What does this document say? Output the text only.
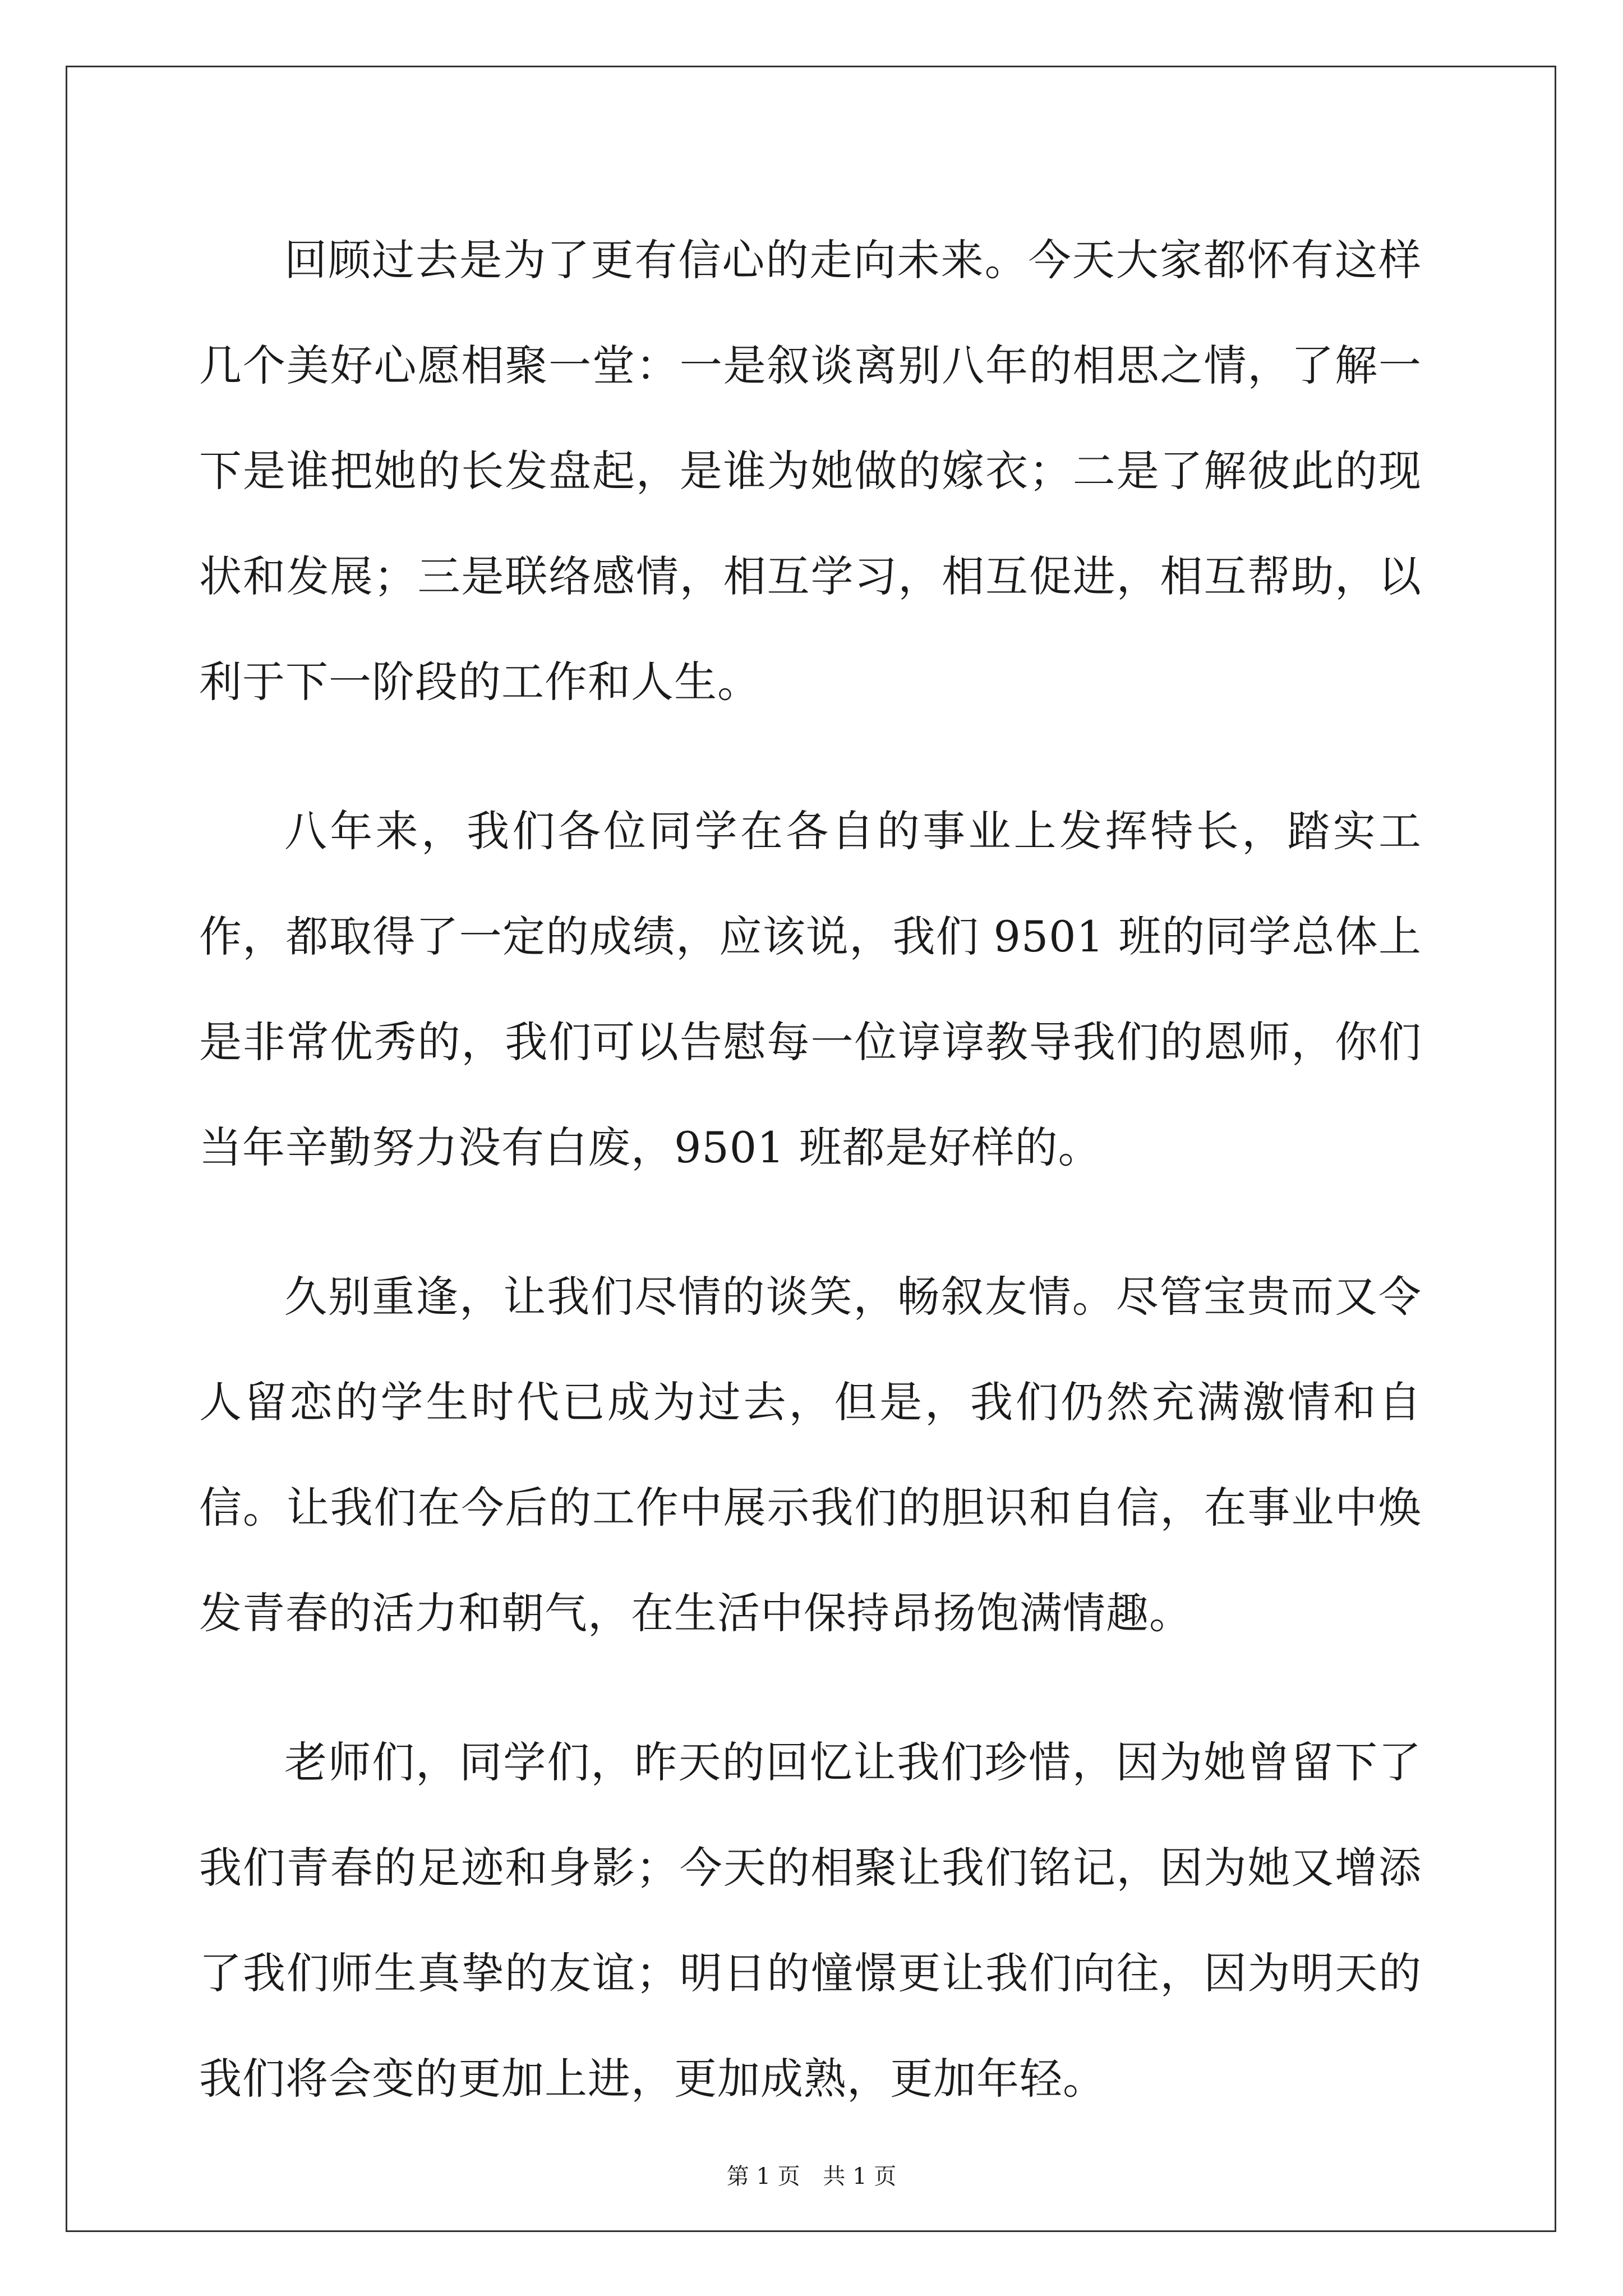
回顾过去是为了更有信心的走向未来。今天大家都怀有这样几个美好心愿相聚一堂：一是叙谈离别八年的相思之情，了解一下是谁把她的长发盘起，是谁为她做的嫁衣；二是了解彼此的现状和发展；三是联络感情，相互学习，相互促进，相互帮助，以利于下一阶段的工作和人生。

八年来，我们各位同学在各自的事业上发挥特长，踏实工作，都取得了一定的成绩，应该说，我们 9501 班的同学总体上是非常优秀的，我们可以告慰每一位谆谆教导我们的恩师，你们当年辛勤努力没有白废，9501 班都是好样的。

久别重逢，让我们尽情的谈笑，畅叙友情。尽管宝贵而又令人留恋的学生时代已成为过去，但是，我们仍然充满激情和自信。让我们在今后的工作中展示我们的胆识和自信，在事业中焕发青春的活力和朝气，在生活中保持昂扬饱满情趣。

老师们，同学们，昨天的回忆让我们珍惜，因为她曾留下了我们青春的足迹和身影；今天的相聚让我们铭记，因为她又增添了我们师生真挚的友谊；明日的憧憬更让我们向往，因为明天的我们将会变的更加上进，更加成熟，更加年轻。

第 1 页 共 1 页
